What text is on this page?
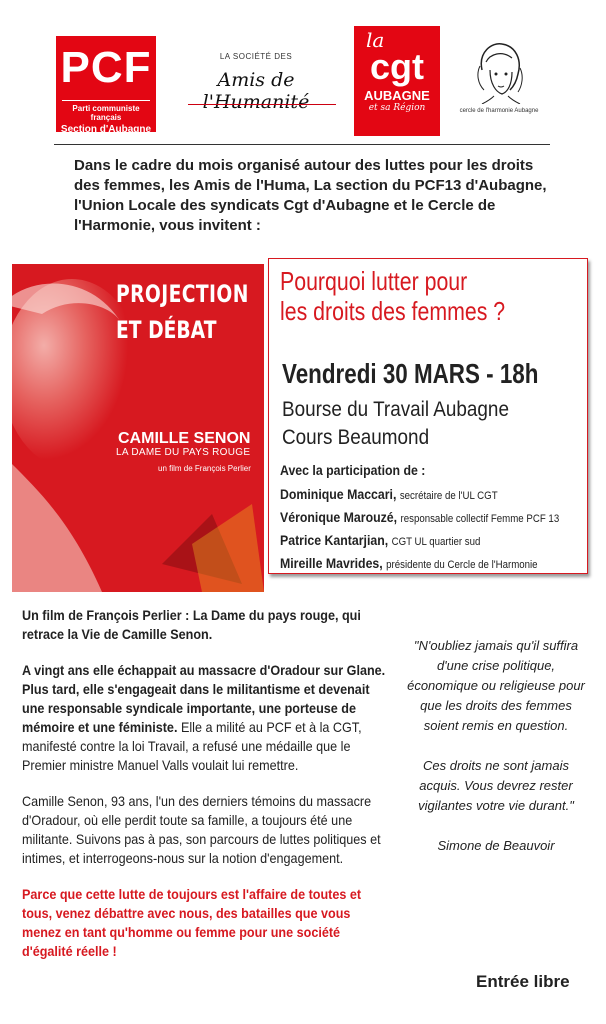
PCF
Parti communiste français
Section d'Aubagne
LA SOCIÉTÉ DES
Amis de l'Humanité
la
cgt
AUBAGNE
et sa Région	cercle de l'harmonie Aubagne
Dans le cadre du mois organisé autour des luttes pour les droits des femmes, les Amis de l'Huma, La section du PCF13 d'Aubagne, l'Union Locale des syndicats Cgt d'Aubagne et le Cercle de l'Harmonie, vous invitent :
PROJECTION
ET DÉBAT
CAMILLE SENON
LA DAME DU PAYS ROUGE
un film de François Perlier
Pourquoi lutter pour
les droits des femmes ?
Vendredi 30 MARS - 18h
Bourse du Travail Aubagne
Cours Beaumond
Avec la participation de :
Dominique Maccari, secrétaire de l'UL CGT
Véronique Marouzé, responsable collectif Femme PCF 13
Patrice Kantarjian, CGT UL quartier sud
Mireille Mavrides, présidente du Cercle de l'Harmonie

Un film de François Perlier : La Dame du pays rouge, qui retrace la Vie de Camille Senon.

A vingt ans elle échappait au massacre d'Oradour sur Glane. Plus tard, elle s'engageait dans le militantisme et devenait une responsable syndicale importante, une porteuse de mémoire et une féministe. Elle a milité au PCF et à la CGT, manifesté contre la loi Travail, a refusé une médaille que le Premier ministre Manuel Valls voulait lui remettre.

Camille Senon, 93 ans, l'un des derniers témoins du massacre d'Oradour, où elle perdit toute sa famille, a toujours été une militante. Suivons pas à pas, son parcours de luttes politiques et intimes, et interrogeons-nous sur la notion d'engagement.

Parce que cette lutte de toujours est l'affaire de toutes et tous, venez débattre avec nous, des batailles que vous menez en tant qu'homme ou femme pour une société d'égalité réelle !

"N'oubliez jamais qu'il suffira d'une crise politique, économique ou religieuse pour que les droits des femmes soient remis en question.

Ces droits ne sont jamais acquis. Vous devrez rester vigilantes votre vie durant."

Simone de Beauvoir

Entrée libre
